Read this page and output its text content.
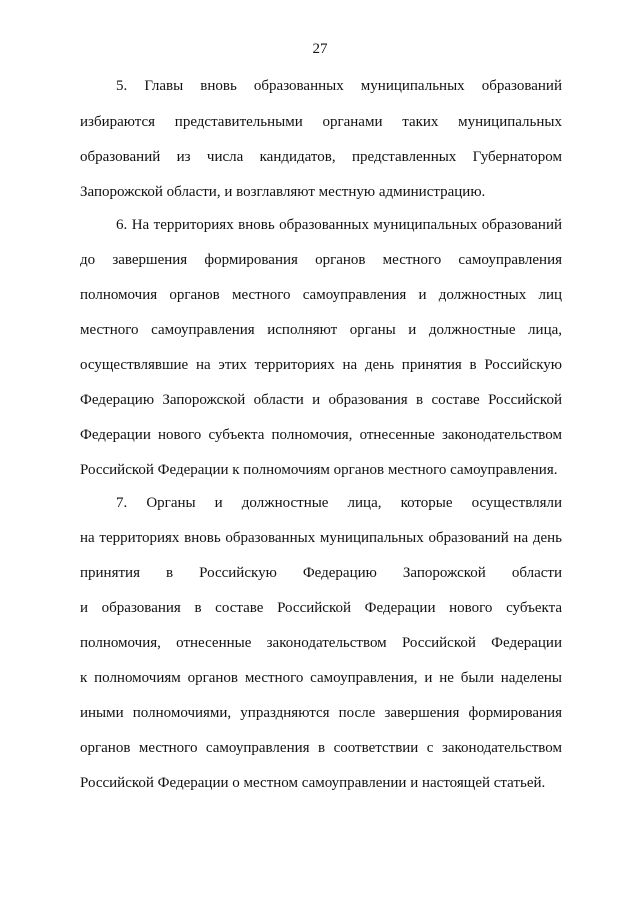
27
5. Главы вновь образованных муниципальных образований
избираются представительными органами таких муниципальных
образований из числа кандидатов, представленных Губернатором
Запорожской области, и возглавляют местную администрацию.
6. На территориях вновь образованных муниципальных образований
до завершения формирования органов местного самоуправления
полномочия органов местного самоуправления и должностных лиц
местного самоуправления исполняют органы и должностные лица,
осуществлявшие на этих территориях на день принятия в Российскую
Федерацию Запорожской области и образования в составе Российской
Федерации нового субъекта полномочия, отнесенные законодательством
Российской Федерации к полномочиям органов местного самоуправления.
7. Органы и должностные лица, которые осуществляли
на территориях вновь образованных муниципальных образований на день
принятия в Российскую Федерацию Запорожской области
и образования в составе Российской Федерации нового субъекта
полномочия, отнесенные законодательством Российской Федерации
к полномочиям органов местного самоуправления, и не были наделены
иными полномочиями, упраздняются после завершения формирования
органов местного самоуправления в соответствии с законодательством
Российской Федерации о местном самоуправлении и настоящей статьей.
